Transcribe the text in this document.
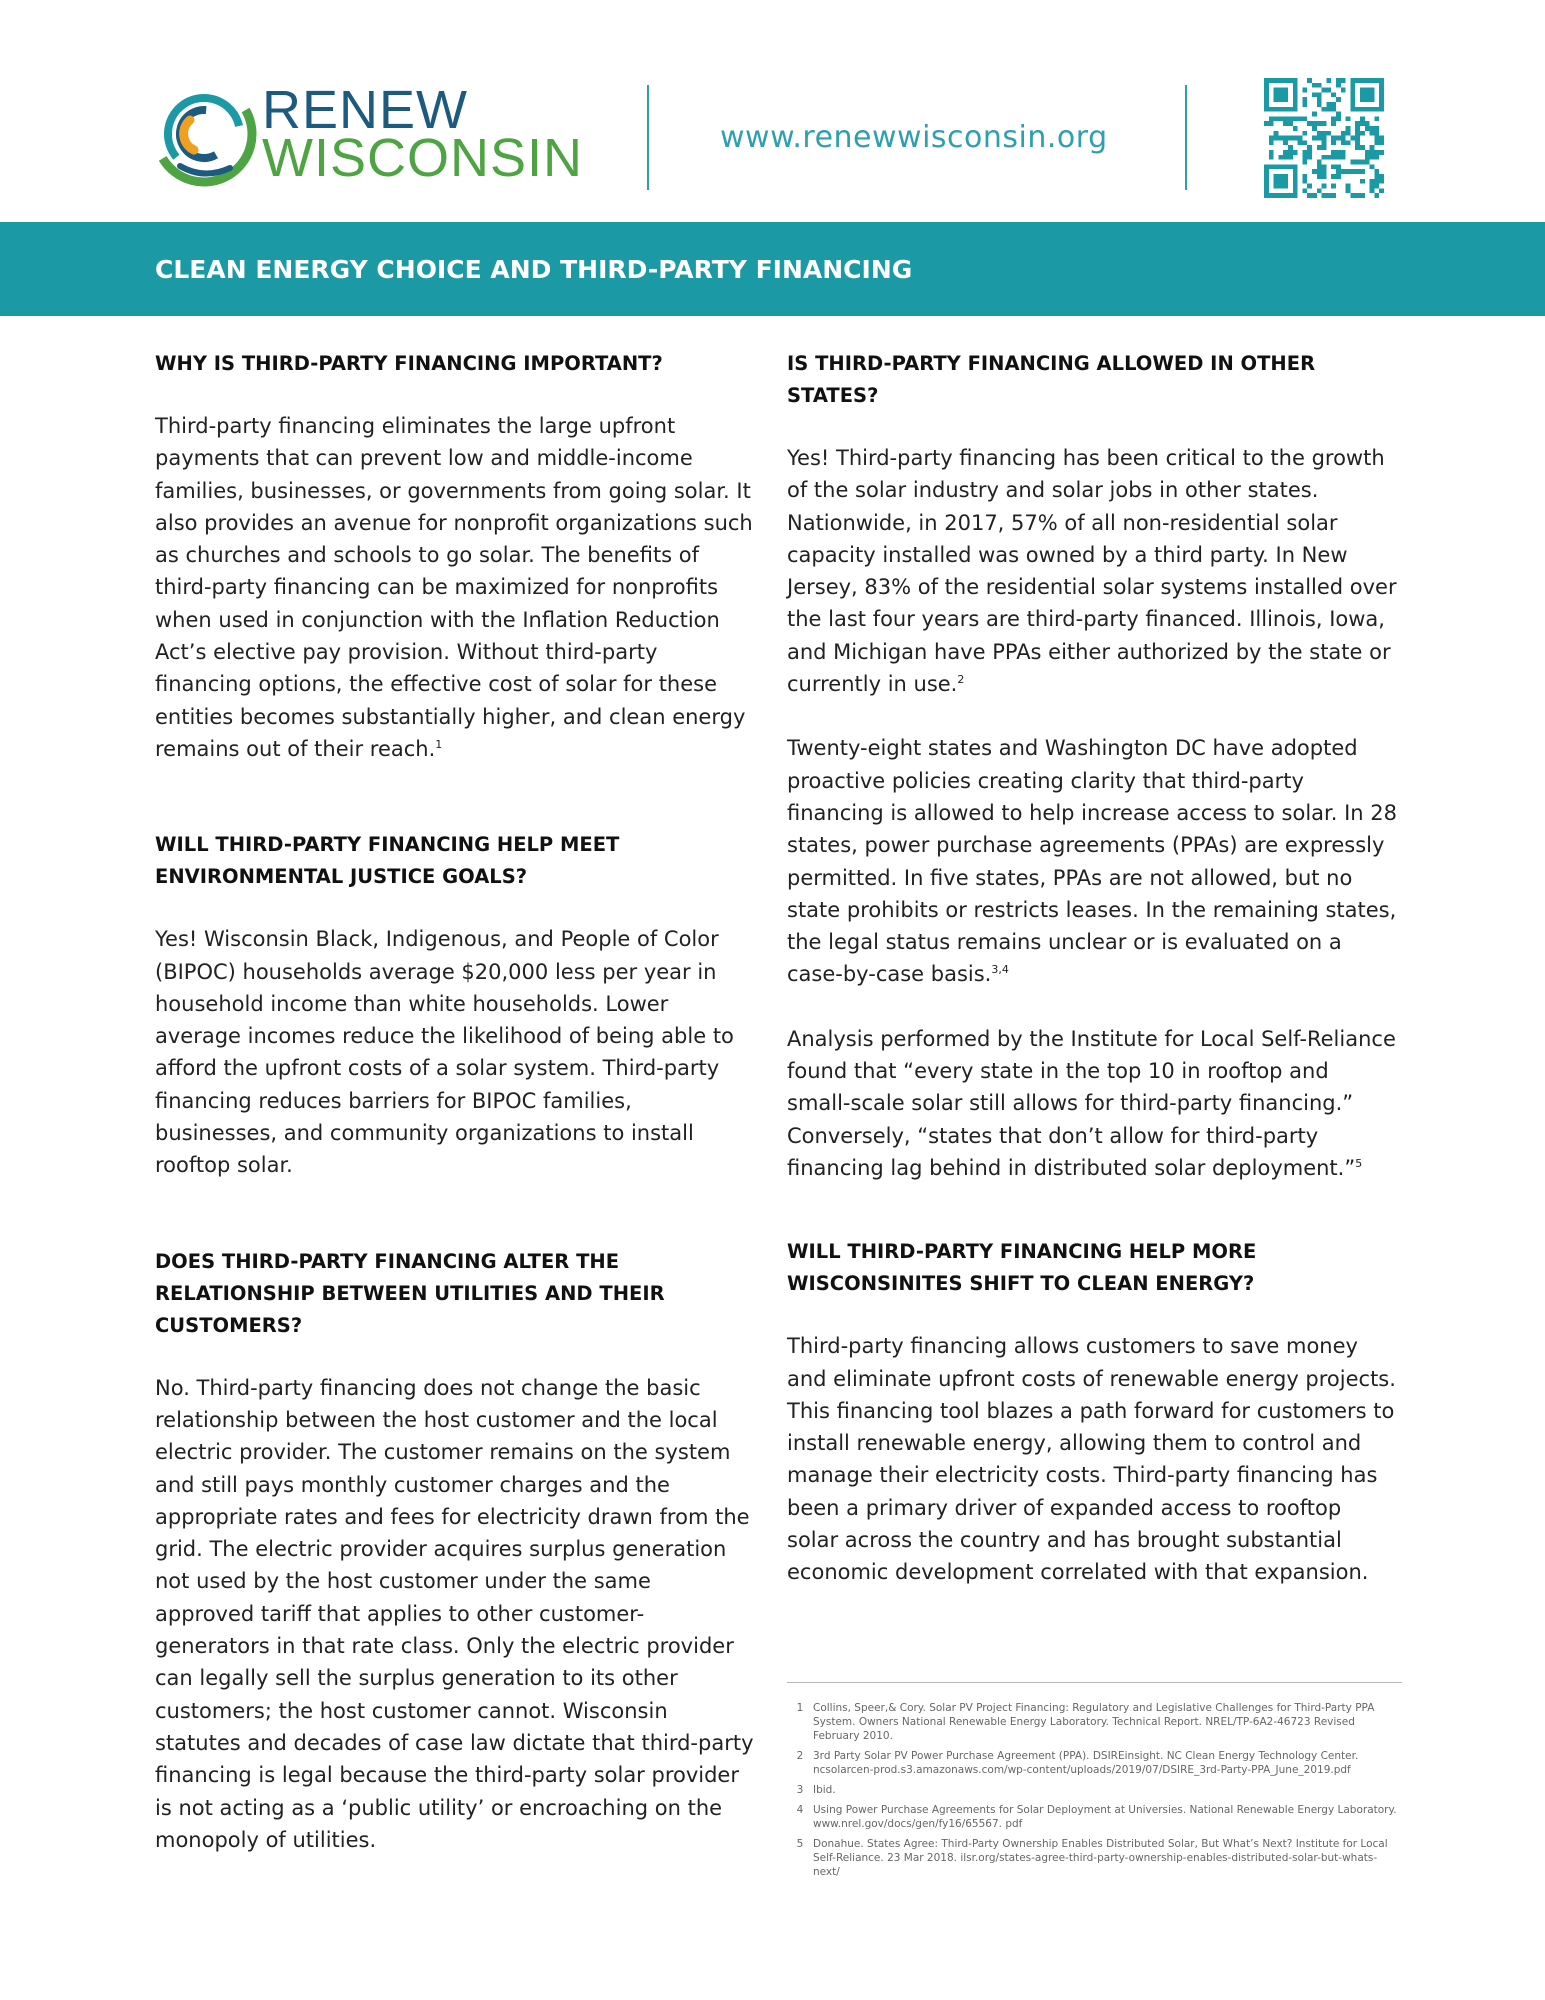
RENEW
WISCONSIN	www.renewwisconsin.org
CLEAN ENERGY CHOICE AND THIRD-PARTY FINANCING
WHY IS THIRD-PARTY FINANCING IMPORTANT?

Third-party financing eliminates the large upfront payments that can prevent low and middle-income families, businesses, or governments from going solar. It also provides an avenue for nonprofit organizations such as churches and schools to go solar. The benefits of third-party financing can be maximized for nonprofits when used in conjunction with the Inflation Reduction Act’s elective pay provision. Without third-party financing options, the effective cost of solar for these entities becomes substantially higher, and clean energy remains out of their reach.$^1$

WILL THIRD-PARTY FINANCING HELP MEET ENVIRONMENTAL JUSTICE GOALS?

Yes! Wisconsin Black, Indigenous, and People of Color (BIPOC) households average $20,000 less per year in household income than white households. Lower average incomes reduce the likelihood of being able to afford the upfront costs of a solar system. Third-party financing reduces barriers for BIPOC families, businesses, and community organizations to install rooftop solar.

DOES THIRD-PARTY FINANCING ALTER THE RELATIONSHIP BETWEEN UTILITIES AND THEIR CUSTOMERS?

No. Third-party financing does not change the basic relationship between the host customer and the local electric provider. The customer remains on the system and still pays monthly customer charges and the appropriate rates and fees for electricity drawn from the grid. The electric provider acquires surplus generation not used by the host customer under the same approved tariff that applies to other customer-generators in that rate class. Only the electric provider can legally sell the surplus generation to its other customers; the host customer cannot. Wisconsin statutes and decades of case law dictate that third-party financing is legal because the third-party solar provider is not acting as a ‘public utility’ or encroaching on the monopoly of utilities.

IS THIRD-PARTY FINANCING ALLOWED IN OTHER STATES?

Yes! Third-party financing has been critical to the growth of the solar industry and solar jobs in other states. Nationwide, in 2017, 57% of all non-residential solar capacity installed was owned by a third party. In New Jersey, 83% of the residential solar systems installed over the last four years are third-party financed. Illinois, Iowa, and Michigan have PPAs either authorized by the state or currently in use.$^2$

Twenty-eight states and Washington DC have adopted proactive policies creating clarity that third-party financing is allowed to help increase access to solar. In 28 states, power purchase agreements (PPAs) are expressly permitted. In five states, PPAs are not allowed, but no state prohibits or restricts leases. In the remaining states, the legal status remains unclear or is evaluated on a case-by-case basis.$^{3,4}$

Analysis performed by the Institute for Local Self-Reliance found that “every state in the top 10 in rooftop and small-scale solar still allows for third-party financing.” Conversely, “states that don’t allow for third-party financing lag behind in distributed solar deployment.”$^5$

WILL THIRD-PARTY FINANCING HELP MORE WISCONSINITES SHIFT TO CLEAN ENERGY?

Third-party financing allows customers to save money and eliminate upfront costs of renewable energy projects. This financing tool blazes a path forward for customers to install renewable energy, allowing them to control and manage their electricity costs. Third-party financing has been a primary driver of expanded access to rooftop solar across the country and has brought substantial economic development correlated with that expansion.

1 Collins, Speer,& Cory. Solar PV Project Financing: Regulatory and Legislative Challenges for Third-Party PPA System. Owners National Renewable Energy Laboratory. Technical Report. NREL/TP-6A2-46723 Revised February 2010.
2 3rd Party Solar PV Power Purchase Agreement (PPA). DSIREinsight. NC Clean Energy Technology Center. ncsolarcen-prod.s3.amazonaws.com/wp-content/uploads/2019/07/DSIRE_3rd-Party-PPA_June_2019.pdf
3 Ibid.
4 Using Power Purchase Agreements for Solar Deployment at Universies. National Renewable Energy Laboratory. www.nrel.gov/docs/gen/fy16/65567. pdf
5 Donahue. States Agree: Third-Party Ownership Enables Distributed Solar, But What’s Next? Institute for Local Self-Reliance. 23 Mar 2018. ilsr.org/states-agree-third-party-ownership-enables-distributed-solar-but-whats-next/
